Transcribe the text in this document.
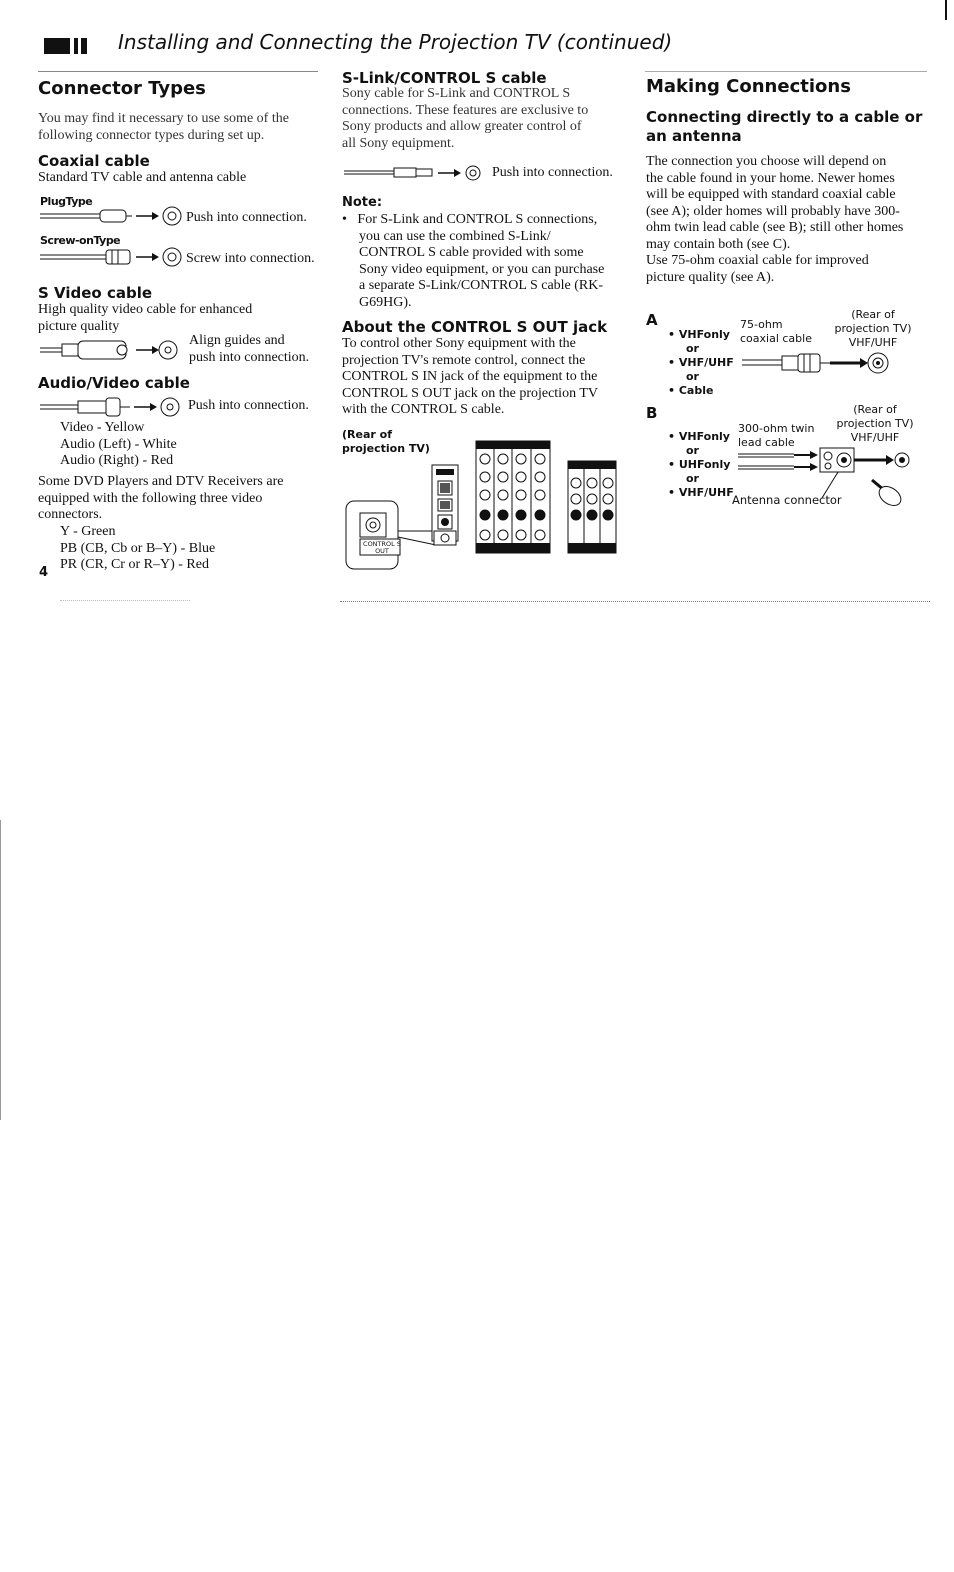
Installing and Connecting the Projection TV (continued)
Connector Types
You may find it necessary to use some of the
following connector types during set up.
Coaxial cable
Standard TV cable and antenna cable
PlugType
Push into connection.
Screw-onType
Screw into connection.
S Video cable
High quality video cable for enhanced
picture quality
Align guides and
push into connection.
Audio/Video cable
Push into connection.
Video - Yellow
Audio (Left) - White
Audio (Right) - Red
Some DVD Players and DTV Receivers are
equipped with the following three video
connectors.
Y - Green
PB (CB, Cb or B–Y) - Blue
PR (CR, Cr or R–Y) - Red
4
S-Link/CONTROL S cable
Sony cable for S-Link and CONTROL S
connections. These features are exclusive to
Sony products and allow greater control of
all Sony equipment.
Push into connection.
Note:
•   For S-Link and CONTROL S connections,
you can use the combined S-Link/
CONTROL S cable provided with some
Sony video equipment, or you can purchase
a separate S-Link/CONTROL S cable (RK-
G69HG).
About the CONTROL S OUT jack
To control other Sony equipment with the
projection TV's remote control, connect the
CONTROL S IN jack of the equipment to the
CONTROL S OUT jack on the projection TV
with the CONTROL S cable.
(Rear of
projection TV)
CONTROL S
OUT
Making Connections
Connecting directly to a cable or
an antenna
The connection you choose will depend on
the cable found in your home. Newer homes
will be equipped with standard coaxial cable
(see A); older homes will probably have 300-
ohm twin lead cable (see B); still other homes
may contain both (see C).
Use 75-ohm coaxial cable for improved
picture quality (see A).
A
• VHFonly
or
• VHF/UHF
or
• Cable
75-ohm
coaxial cable
(Rear of
projection TV)
VHF/UHF
B
• VHFonly
or
• UHFonly
or
• VHF/UHF
300-ohm twin
lead cable
(Rear of
projection TV)
VHF/UHF
Antenna connector
